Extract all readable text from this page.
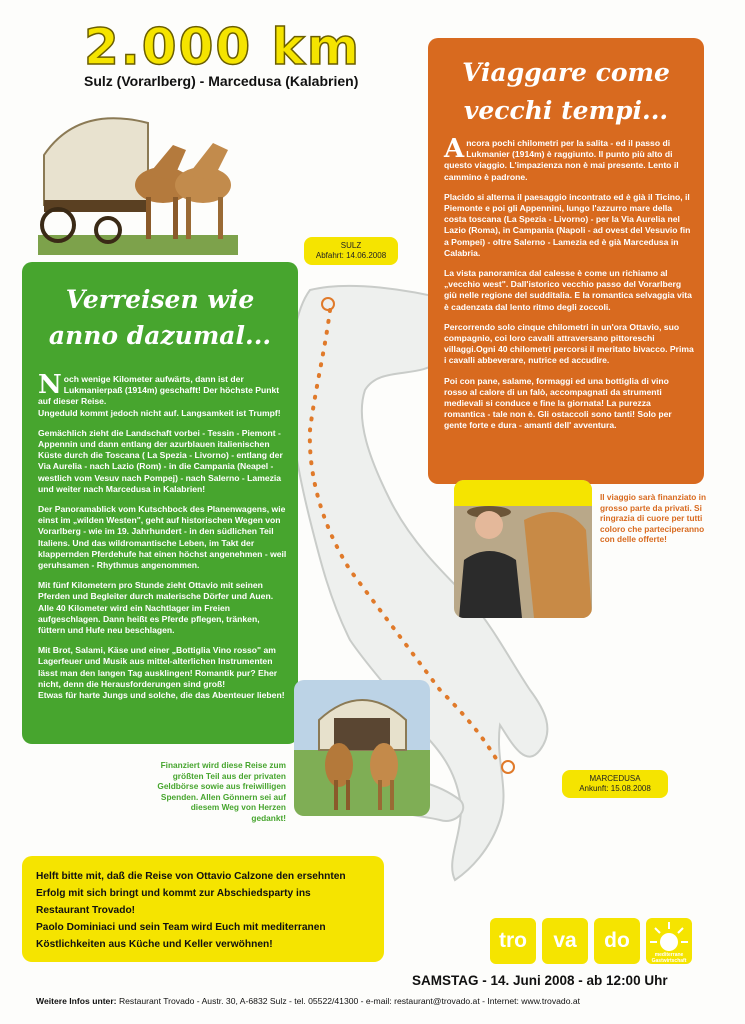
2.000 km
Sulz (Vorarlberg) - Marcedusa (Kalabrien)
Verreisen wie
anno dazumal...

Noch wenige Kilometer aufwärts, dann ist der Lukmanierpaß (1914m) geschafft! Der höchste Punkt auf dieser Reise.
Ungeduld kommt jedoch nicht auf. Langsamkeit ist Trumpf!

Gemächlich zieht die Landschaft vorbei - Tessin - Piemont - Appennin und dann entlang der azurblauen italienischen Küste durch die Toscana ( La Spezia - Livorno) - entlang der Via Aurelia - nach Lazio (Rom) - in die Campania (Neapel - westlich vom Vesuv nach Pompej) - nach Salerno - Lamezia und weiter nach Marcedusa in Kalabrien!

Der Panoramablick vom Kutschbock des Planenwagens, wie einst im „wilden Westen", geht auf historischen Wegen von Vorarlberg - wie im 19. Jahrhundert - in den südlichen Teil Italiens. Und das wildromantische Leben, im Takt der klappernden Pferdehufe hat einen höchst angenehmen - weil geruhsamen - Rhythmus angenommen.

Mit fünf Kilometern pro Stunde zieht Ottavio mit seinen Pferden und Begleiter durch malerische Dörfer und Auen. Alle 40 Kilometer wird ein Nachtlager im Freien aufgeschlagen. Dann heißt es Pferde pflegen, tränken, füttern und Hufe neu beschlagen.

Mit Brot, Salami, Käse und einer „Bottiglia Vino rosso" am Lagerfeuer und Musik aus mittel-alterlichen Instrumenten lässt man den langen Tag ausklingen! Romantik pur? Eher nicht, denn die Herausforderungen sind groß!
Etwas für harte Jungs und solche, die das Abenteuer lieben!

Viaggare come
vecchi tempi...

Ancora pochi chilometri per la salita - ed il passo di Lukmanier (1914m) è raggiunto. Il punto più alto di questo viaggio. L'impazienza non è mai presente. Lento il cammino è padrone.

Placido si alterna il paesaggio incontrato ed è già il Ticino, il Piemonte e poi gli Appennini, lungo l'azzurro mare della costa toscana (La Spezia - Livorno) - per la Via Aurelia nel Lazio (Roma), in Campania (Napoli - ad ovest del Vesuvio fin a Pompei) - oltre Salerno - Lamezia ed è già Marcedusa in Calabria.

La vista panoramica dal calesse è come un richiamo al „vecchio west". Dall'istorico vecchio passo del Vorarlberg giù nelle regione del sudditalia. E la romantica selvaggia vita è cadenzata dal lento ritmo degli zoccoli.

Percorrendo solo cinque chilometri in un'ora Ottavio, suo compagnio, coi loro cavalli attraversano pittoreschi villaggi.Ogni 40 chilometri percorsi il meritato bivacco. Prima i cavalli abbeverare, nutrice ed accudire.

Poi con pane, salame, formaggi ed una bottiglia di vino rosso al calore di un falò, accompagnati da strumenti medievali si conduce e fine la giornata! La purezza romantica - tale non è. Gli ostaccoli sono tanti! Solo per gente forte e dura - amanti dell' avventura.

SULZ
Abfahrt: 14.06.2008
Il viaggio sarà finanziato in grosso parte da privati. Si ringrazia di cuore per tutti coloro che parteciperanno con delle offerte!
Finanziert wird diese Reise zum größten Teil aus der privaten Geldbörse sowie aus freiwilligen Spenden. Allen Gönnern sei auf diesem Weg von Herzen gedankt!
MARCEDUSA
Ankunft: 15.08.2008
Helft bitte mit, daß die Reise von Ottavio Calzone den ersehnten Erfolg mit sich bringt und kommt zur Abschiedsparty ins
Restaurant Trovado!
Paolo Dominiaci und sein Team wird Euch mit mediterranen Köstlichkeiten aus Küche und Keller verwöhnen!	tro	va	do
mediterrane Gastwirtschaft
SAMSTAG - 14. Juni 2008 - ab 12:00 Uhr
Weitere Infos unter: Restaurant Trovado - Austr. 30, A-6832 Sulz - tel. 05522/41300 - e-mail: restaurant@trovado.at - Internet: www.trovado.at
